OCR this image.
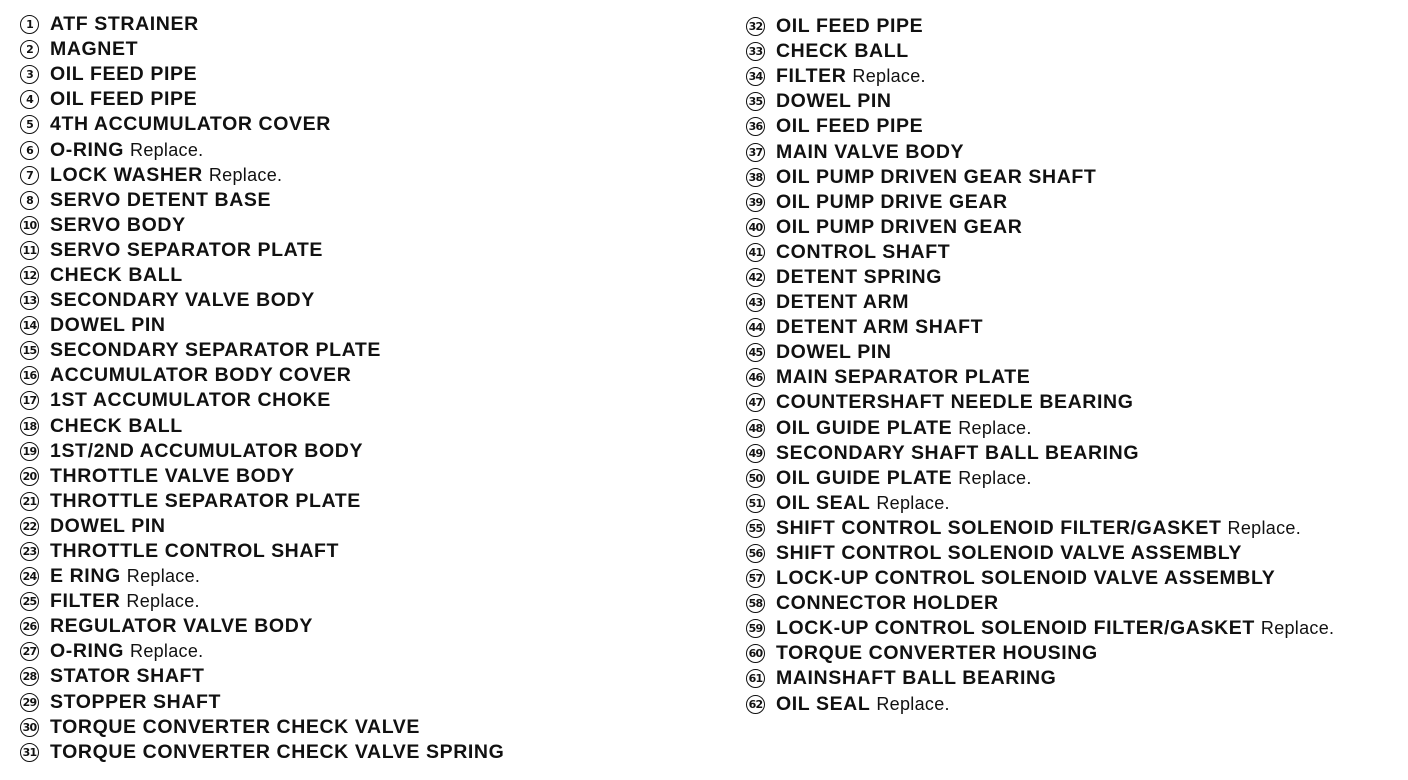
1 ATF STRAINER
2 MAGNET
3 OIL FEED PIPE
4 OIL FEED PIPE
5 4TH ACCUMULATOR COVER
6 O-RING Replace.
7 LOCK WASHER Replace.
8 SERVO DETENT BASE
10 SERVO BODY
11 SERVO SEPARATOR PLATE
12 CHECK BALL
13 SECONDARY VALVE BODY
14 DOWEL PIN
15 SECONDARY SEPARATOR PLATE
16 ACCUMULATOR BODY COVER
17 1ST ACCUMULATOR CHOKE
18 CHECK BALL
19 1ST/2ND ACCUMULATOR BODY
20 THROTTLE VALVE BODY
21 THROTTLE SEPARATOR PLATE
22 DOWEL PIN
23 THROTTLE CONTROL SHAFT
24 E RING Replace.
25 FILTER Replace.
26 REGULATOR VALVE BODY
27 O-RING Replace.
28 STATOR SHAFT
29 STOPPER SHAFT
30 TORQUE CONVERTER CHECK VALVE
31 TORQUE CONVERTER CHECK VALVE SPRING
32 OIL FEED PIPE
33 CHECK BALL
34 FILTER Replace.
35 DOWEL PIN
36 OIL FEED PIPE
37 MAIN VALVE BODY
38 OIL PUMP DRIVEN GEAR SHAFT
39 OIL PUMP DRIVE GEAR
40 OIL PUMP DRIVEN GEAR
41 CONTROL SHAFT
42 DETENT SPRING
43 DETENT ARM
44 DETENT ARM SHAFT
45 DOWEL PIN
46 MAIN SEPARATOR PLATE
47 COUNTERSHAFT NEEDLE BEARING
48 OIL GUIDE PLATE Replace.
49 SECONDARY SHAFT BALL BEARING
50 OIL GUIDE PLATE Replace.
51 OIL SEAL Replace.
55 SHIFT CONTROL SOLENOID FILTER/GASKET Replace.
56 SHIFT CONTROL SOLENOID VALVE ASSEMBLY
57 LOCK-UP CONTROL SOLENOID VALVE ASSEMBLY
58 CONNECTOR HOLDER
59 LOCK-UP CONTROL SOLENOID FILTER/GASKET Replace.
60 TORQUE CONVERTER HOUSING
61 MAINSHAFT BALL BEARING
62 OIL SEAL Replace.
